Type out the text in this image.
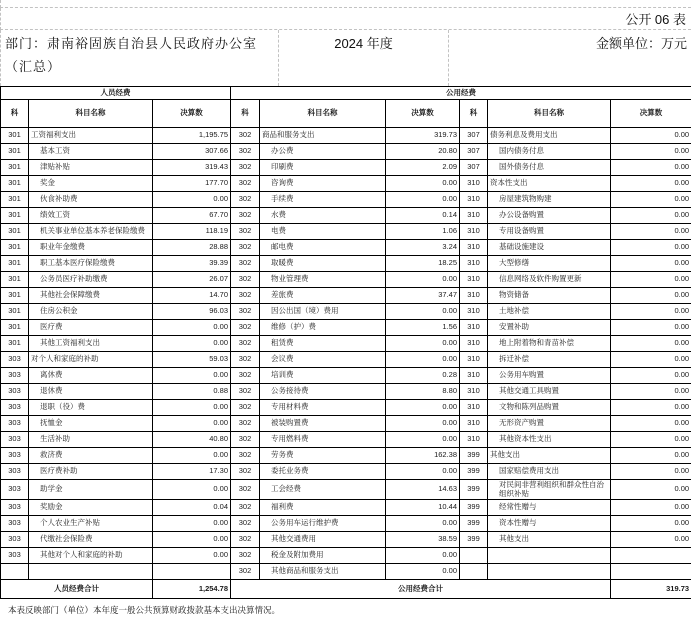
公开 06 表
部门：肃南裕固族自治县人民政府办公室（汇总）
2024 年度	金额单位：万元
人员经费			公用经费					
科	科目名称	决算数	科	科目名称	决算数	科	科目名称	决算数
301	工资福利支出	1,195.75	302	商品和服务支出	319.73	307	债务利息及费用支出	0.00
301	基本工资	307.66	302	办公费	20.80	307	国内债务付息	0.00
301	津贴补贴	319.43	302	印刷费	2.09	307	国外债务付息	0.00
301	奖金	177.70	302	咨询费	0.00	310	资本性支出	0.00
301	伙食补助费	0.00	302	手续费	0.00	310	房屋建筑物购建	0.00
301	绩效工资	67.70	302	水费	0.14	310	办公设备购置	0.00
301	机关事业单位基本养老保险缴费	118.19	302	电费	1.06	310	专用设备购置	0.00
301	职业年金缴费	28.88	302	邮电费	3.24	310	基础设施建设	0.00
301	职工基本医疗保险缴费	39.39	302	取暖费	18.25	310	大型修缮	0.00
301	公务员医疗补助缴费	26.07	302	物业管理费	0.00	310	信息网络及软件购置更新	0.00
301	其他社会保障缴费	14.70	302	差旅费	37.47	310	物资储备	0.00
301	住房公积金	96.03	302	因公出国（境）费用	0.00	310	土地补偿	0.00
301	医疗费	0.00	302	维修（护）费	1.56	310	安置补助	0.00
301	其他工资福利支出	0.00	302	租赁费	0.00	310	地上附着物和青苗补偿	0.00
303	对个人和家庭的补助	59.03	302	会议费	0.00	310	拆迁补偿	0.00
303	离休费	0.00	302	培训费	0.28	310	公务用车购置	0.00
303	退休费	0.88	302	公务接待费	8.80	310	其他交通工具购置	0.00
303	退职（役）费	0.00	302	专用材料费	0.00	310	文物和陈列品购置	0.00
303	抚恤金	0.00	302	被装购置费	0.00	310	无形资产购置	0.00
303	生活补助	40.80	302	专用燃料费	0.00	310	其他资本性支出	0.00
303	救济费	0.00	302	劳务费	162.38	399	其他支出	0.00
303	医疗费补助	17.30	302	委托业务费	0.00	399	国家赔偿费用支出	0.00
303	助学金	0.00	302	工会经费	14.63	399	对民间非营利组织和群众性自治组织补贴	0.00
303	奖励金	0.04	302	福利费	10.44	399	经常性赠与	0.00
303	个人农业生产补贴	0.00	302	公务用车运行维护费	0.00	399	资本性赠与	0.00
303	代缴社会保险费	0.00	302	其他交通费用	38.59	399	其他支出	0.00
303	其他对个人和家庭的补助	0.00	302	税金及附加费用	0.00			
			302	其他商品和服务支出	0.00			
人员经费合计		1,254.78	公用经费合计					319.73
本表反映部门（单位）本年度一般公共预算财政拨款基本支出决算情况。
